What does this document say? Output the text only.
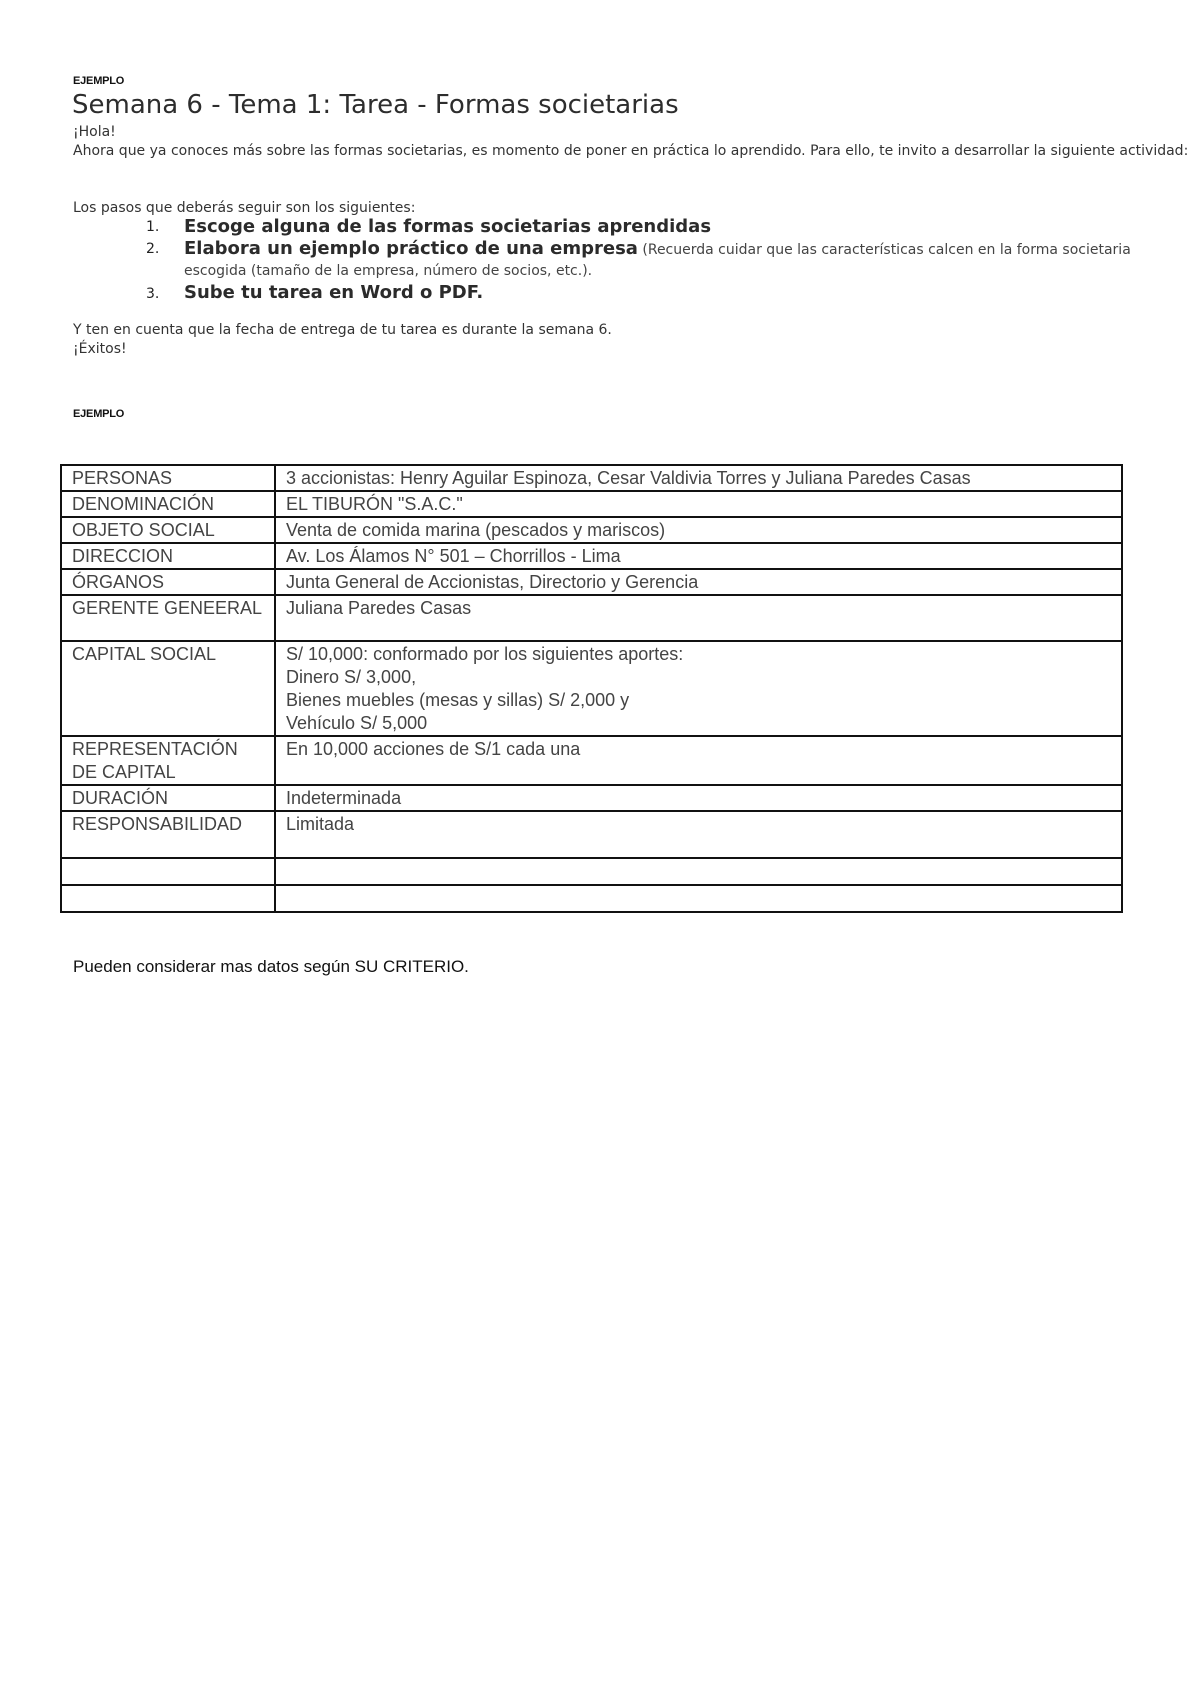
EJEMPLO
Semana 6 - Tema 1: Tarea - Formas societarias
¡Hola!
Ahora que ya conoces más sobre las formas societarias, es momento de poner en práctica lo aprendido. Para ello, te invito a desarrollar la siguiente actividad:
Los pasos que deberás seguir son los siguientes:
1. Escoge alguna de las formas societarias aprendidas
2. Elabora un ejemplo práctico de una empresa (Recuerda cuidar que las características calcen en la forma societaria escogida (tamaño de la empresa, número de socios, etc.).
3. Sube tu tarea en Word o PDF.
Y ten en cuenta que la fecha de entrega de tu tarea es durante la semana 6.
¡Éxitos!
EJEMPLO
PERSONAS	3 accionistas: Henry Aguilar Espinoza, Cesar Valdivia Torres y Juliana Paredes Casas
DENOMINACIÓN	EL TIBURÓN "S.A.C."
OBJETO SOCIAL	Venta de comida marina (pescados y mariscos)
DIRECCION	Av. Los Álamos N° 501 – Chorrillos - Lima
ÓRGANOS	Junta General de Accionistas, Directorio y Gerencia
GERENTE GENEERAL	Juliana Paredes Casas
CAPITAL SOCIAL	S/ 10,000: conformado por los siguientes aportes:
Dinero S/ 3,000,
Bienes muebles (mesas y sillas) S/ 2,000 y
Vehículo S/ 5,000
REPRESENTACIÓN DE CAPITAL	En 10,000 acciones de S/1 cada una
DURACIÓN	Indeterminada
RESPONSABILIDAD	Limitada

Pueden considerar mas datos según SU CRITERIO.
